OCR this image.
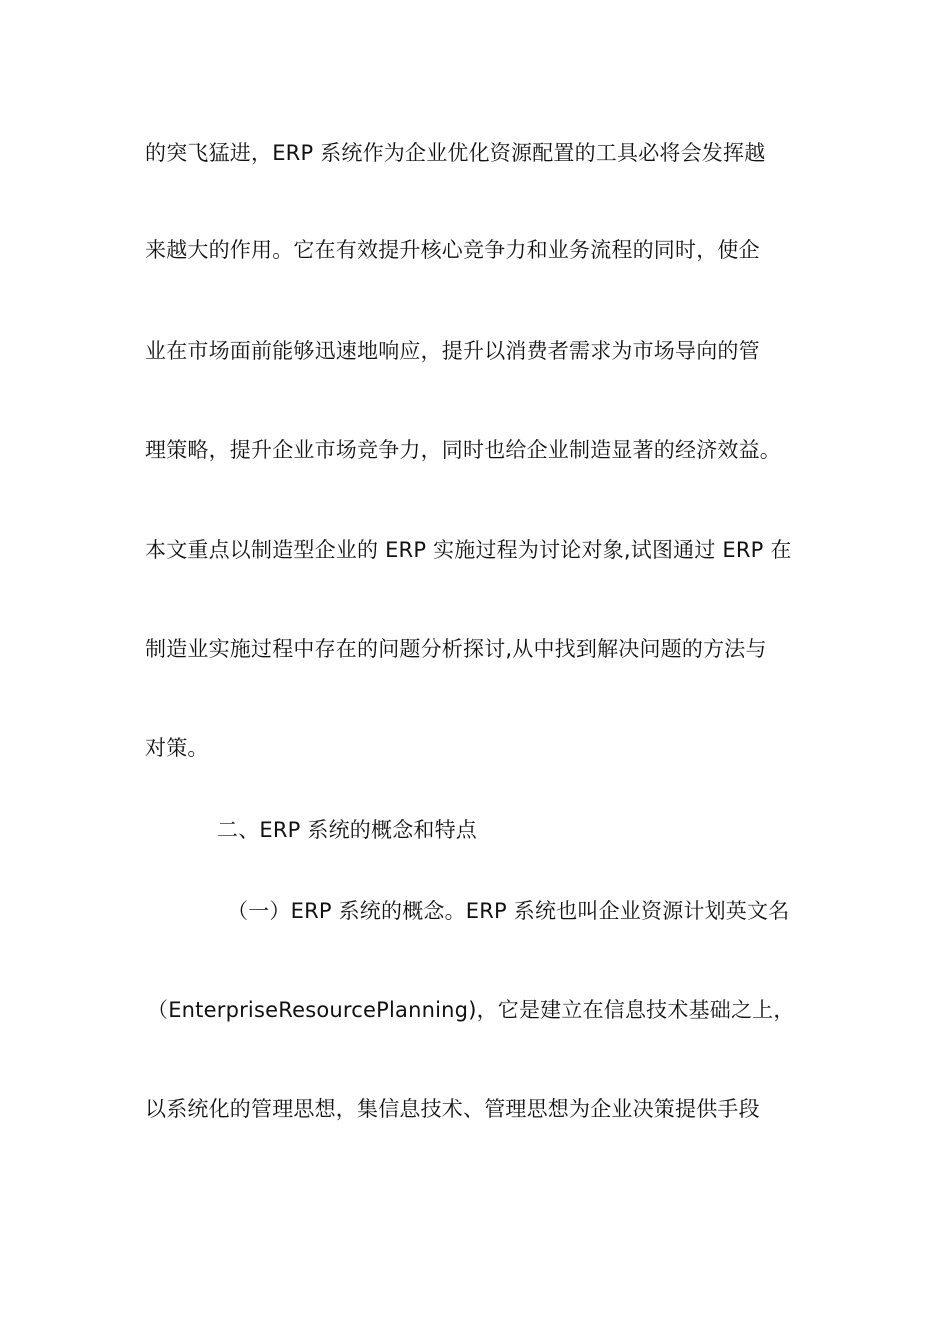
的突飞猛进，ERP 系统作为企业优化资源配置的工具必将会发挥越
来越大的作用。它在有效提升核心竞争力和业务流程的同时，使企
业在市场面前能够迅速地响应，提升以消费者需求为市场导向的管
理策略，提升企业市场竞争力，同时也给企业制造显著的经济效益。
本文重点以制造型企业的 ERP 实施过程为讨论对象,试图通过 ERP 在
制造业实施过程中存在的问题分析探讨,从中找到解决问题的方法与
对策。
二、ERP 系统的概念和特点
（一）ERP 系统的概念。ERP 系统也叫企业资源计划英文名
（EnterpriseResourcePlanning)，它是建立在信息技术基础之上，
以系统化的管理思想，集信息技术、管理思想为企业决策提供手段
